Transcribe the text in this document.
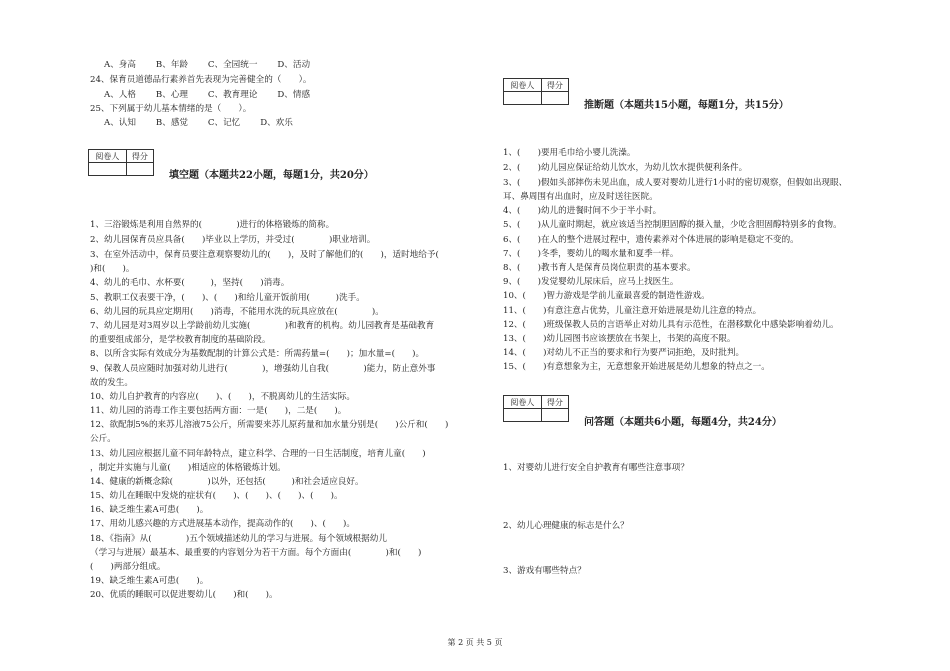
A、身高　　 B、年龄　　 C、全园统一　　 D、活动
24、保育员道德品行素养首先表现为完善健全的（　　）。
A、人格　　 B、心理　　 C、教育理论　　 D、情感
25、下列属于幼儿基本情绪的是（　　）。
A、认知　　 B、感觉　　 C、记忆　　 D、欢乐
阅卷人	得分

填空题（本题共22小题，每题1分，共20分）
1、三浴锻炼是利用自然界的(　　　　)进行的体格锻炼的简称。
2、幼儿园保育员应具备(　　)毕业以上学历，并受过(　　　　)职业培训。
3、在室外活动中，保育员要注意观察婴幼儿的(　　)，及时了解他们的(　　)，适时地给予(
)和(　　)。
4、幼儿的毛巾、水杯要(　　　)，坚持(　　)消毒。
5、教职工仪表要干净，(　　)、(　　)和给儿童开饭前用(　　　)洗手。
6、幼儿园的玩具应定期用(　　)消毒，不能用水洗的玩具应放在(　　　　)。
7、幼儿园是对3周岁以上学龄前幼儿实施(　　　　)和教育的机构。幼儿园教育是基础教育
的重要组成部分，是学校教育制度的基础阶段。
8、以所含实际有效成分为基数配制的计算公式是：所需药量=(　　)；加水量=(　　)。
9、保教人员应随时加强对幼儿进行(　　　　)，增强幼儿自我(　　　　)能力，防止意外事
故的发生。
10、幼儿自护教育的内容应(　　)、(　　)，不脱离幼儿的生活实际。
11、幼儿园的消毒工作主要包括两方面：一是(　　)，二是(　　)。
12、欲配制5%的来苏儿溶液75公斤，所需要来苏儿原药量和加水量分别是(　　)公斤和(　　)
公斤。
13、幼儿园应根据儿童不同年龄特点，建立科学、合理的一日生活制度，培育儿童(　　)
，制定并实施与儿童(　　)相适应的体格锻炼计划。
14、健康的新概念除(　　　　)以外，还包括(　　　)和社会适应良好。
15、幼儿在睡眠中发烧的症状有(　　)、(　　)、(　　)、(　　)。
16、缺乏维生素A可患(　　)。
17、用幼儿感兴趣的方式进展基本动作，提高动作的(　　)、(　　)。
18、《指南》从(　　　　)五个领域描述幼儿的学习与进展。每个领域根据幼儿
（学习与进展）最基本、最重要的内容划分为若干方面。每个方面由(　　　　)和(　　)
(　　)两部分组成。
19、缺乏维生素A可患(　　)。
20、优质的睡眠可以促进婴幼儿(　　)和(　　)。
阅卷人	得分

推断题（本题共15小题，每题1分，共15分）
1、(　　)要用毛巾给小婴儿洗澡。
2、(　　)幼儿园应保证给幼儿饮水，为幼儿饮水提供便利条件。
3、(　　)假如头部摔伤未见出血，成人要对婴幼儿进行1小时的密切观察，但假如出现眼、
耳、鼻周围有出血时，应及时送往医院。
4、(　　)幼儿的进餐时间不少于半小时。
5、(　　)从儿童时期起，就应该适当控制胆固醇的摄入量，少吃含胆固醇特别多的食物。
6、(　　)在人的整个进展过程中，遗传素养对个体进展的影响是稳定不变的。
7、(　　)冬季，婴幼儿的喝水量和夏季一样。
8、(　　)教书育人是保育员岗位职责的基本要求。
9、(　　)发觉婴幼儿尿床后，应马上找医生。
10、(　　)智力游戏是学前儿童最喜爱的制造性游戏。
11、(　　)有意注意占优势，儿童注意开始进展是幼儿注意的特点。
12、(　　)班级保教人员的言语举止对幼儿具有示范性，在潜移默化中感染影响着幼儿。
13、(　　)幼儿园图书应该摆放在书架上，书架的高度不限。
14、(　　)对幼儿不正当的要求和行为要严词拒绝，及时批判。
15、(　　)有意想象为主，无意想象开始进展是幼儿想象的特点之一。
阅卷人	得分

问答题（本题共6小题，每题4分，共24分）
1、对婴幼儿进行安全自护教育有哪些注意事项？
2、幼儿心理健康的标志是什么？
3、游戏有哪些特点？
第 2 页 共 5 页
